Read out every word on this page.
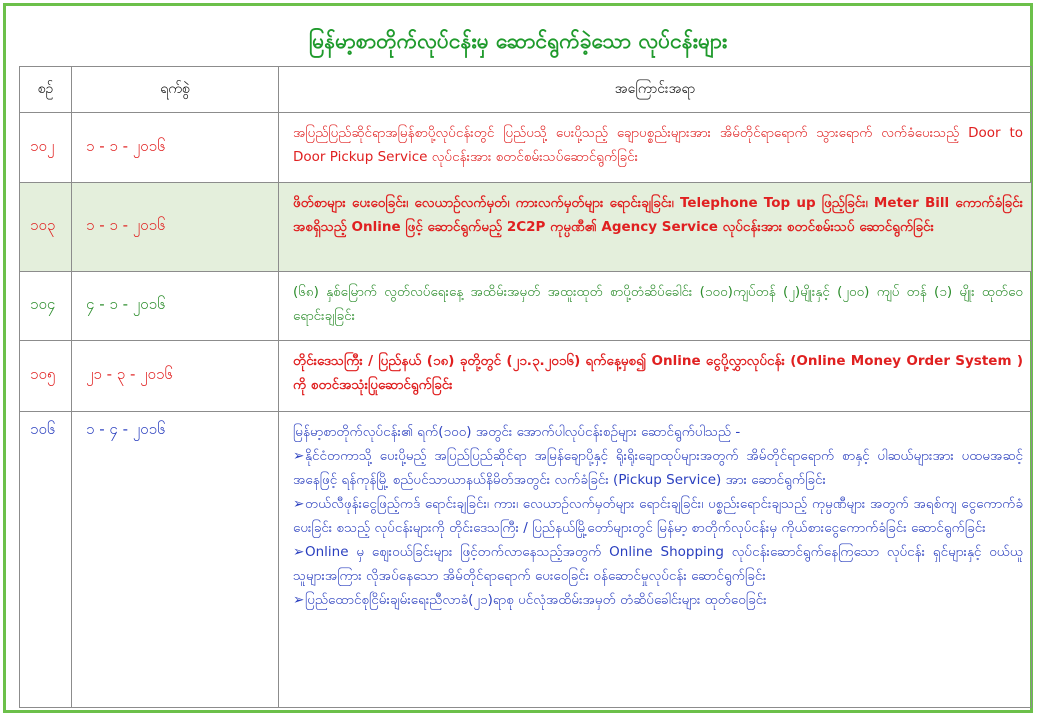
မြန်မာ့စာတိုက်လုပ်ငန်းမှ ဆောင်ရွက်ခဲ့သော လုပ်ငန်းများ
စဉ်	ရက်စွဲ	အကြောင်းအရာ
၁၀၂	၁ - ၁ - ၂၀၁၆	အပြည်ပြည်ဆိုင်ရာအမြန်စာပို့လုပ်ငန်းတွင် ပြည်ပသို့ ပေးပို့သည့် ချောပစ္စည်းများအား အိမ်တိုင်ရာရောက် သွားရောက် လက်ခံပေးသည့် Door to Door Pickup Service လုပ်ငန်းအား စတင်စမ်းသပ်ဆောင်ရွက်ခြင်း
၁၀၃	၁ - ၁ - ၂၀၁၆	ဖိတ်စာများ ပေးဝေခြင်း၊ လေယာဉ်လက်မှတ်၊ ကားလက်မှတ်များ ရောင်းချခြင်း၊ Telephone Top up ဖြည့်ခြင်း၊ Meter Bill ကောက်ခံခြင်းအစရှိသည့် Online ဖြင့် ဆောင်ရွက်မည့် 2C2P ကုမ္ပဏီ၏ Agency Service လုပ်ငန်းအား စတင်စမ်းသပ် ဆောင်ရွက်ခြင်း
၁၀၄	၄ - ၁ - ၂၀၁၆	(၆၈) နှစ်မြောက် လွတ်လပ်ရေးနေ့ အထိမ်းအမှတ် အထူးထုတ် စာပို့တံဆိပ်ခေါင်း (၁၀၀)ကျပ်တန် (၂)မျိုးနှင့် (၂၀၀) ကျပ် တန် (၁) မျိုး ထုတ်ဝေရောင်းချခြင်း
၁၀၅	၂၁ - ၃ - ၂၀၁၆	တိုင်းဒေသကြီး / ပြည်နယ် (၁၈) ခုတို့တွင် (၂၁.၃.၂၀၁၆) ရက်နေ့မှစ၍ Online ငွေပို့လွှာလုပ်ငန်း (Online Money Order System ) ကို စတင်အသုံးပြုဆောင်ရွက်ခြင်း
၁၀၆	၁ - ၄ - ၂၀၁၆	မြန်မာ့စာတိုက်လုပ်ငန်း၏ ရက်(၁၀၀) အတွင်း အောက်ပါလုပ်ငန်းစဉ်များ ဆောင်ရွက်ပါသည် -
➢နိုင်ငံတကာသို့ ပေးပို့မည့် အပြည်ပြည်ဆိုင်ရာ အမြန်ချောပို့နှင့် ရိုးရိုးချောထုပ်များအတွက် အိမ်တိုင်ရာရောက် စာနှင့် ပါဆယ်များအား ပထမအဆင့်အနေဖြင့် ရန်ကုန်မြို့ စည်ပင်သာယာနယ်နိမိတ်အတွင်း လက်ခံခြင်း (Pickup Service) အား ဆောင်ရွက်ခြင်း
➢တယ်လီဖုန်းငွေဖြည့်ကဒ် ရောင်းချခြင်း၊ ကား၊ လေယာဉ်လက်မှတ်များ ရောင်းချခြင်း၊ ပစ္စည်းရောင်းချသည့် ကုမ္ပဏီများ အတွက် အရစ်ကျ ငွေကောက်ခံပေးခြင်း စသည့် လုပ်ငန်းများကို တိုင်းဒေသကြီး / ပြည်နယ်မြို့တော်များတွင် မြန်မာ့ စာတိုက်လုပ်ငန်းမှ ကိုယ်စားငွေကောက်ခံခြင်း ဆောင်ရွက်ခြင်း
➢Online မှ ဈေးဝယ်ခြင်းများ ဖြင့်တက်လာနေသည့်အတွက် Online Shopping လုပ်ငန်းဆောင်ရွက်နေကြသော လုပ်ငန်း ရှင်များနှင့် ဝယ်ယူသူများအကြား လိုအပ်နေသော အိမ်တိုင်ရာရောက် ပေးဝေခြင်း ဝန်ဆောင်မှုလုပ်ငန်း ဆောင်ရွက်ခြင်း
➢ပြည်ထောင်စုငြိမ်းချမ်းရေးညီလာခံ(၂၁)ရာစု ပင်လုံအထိမ်းအမှတ် တံဆိပ်ခေါင်းများ ထုတ်ဝေခြင်း
